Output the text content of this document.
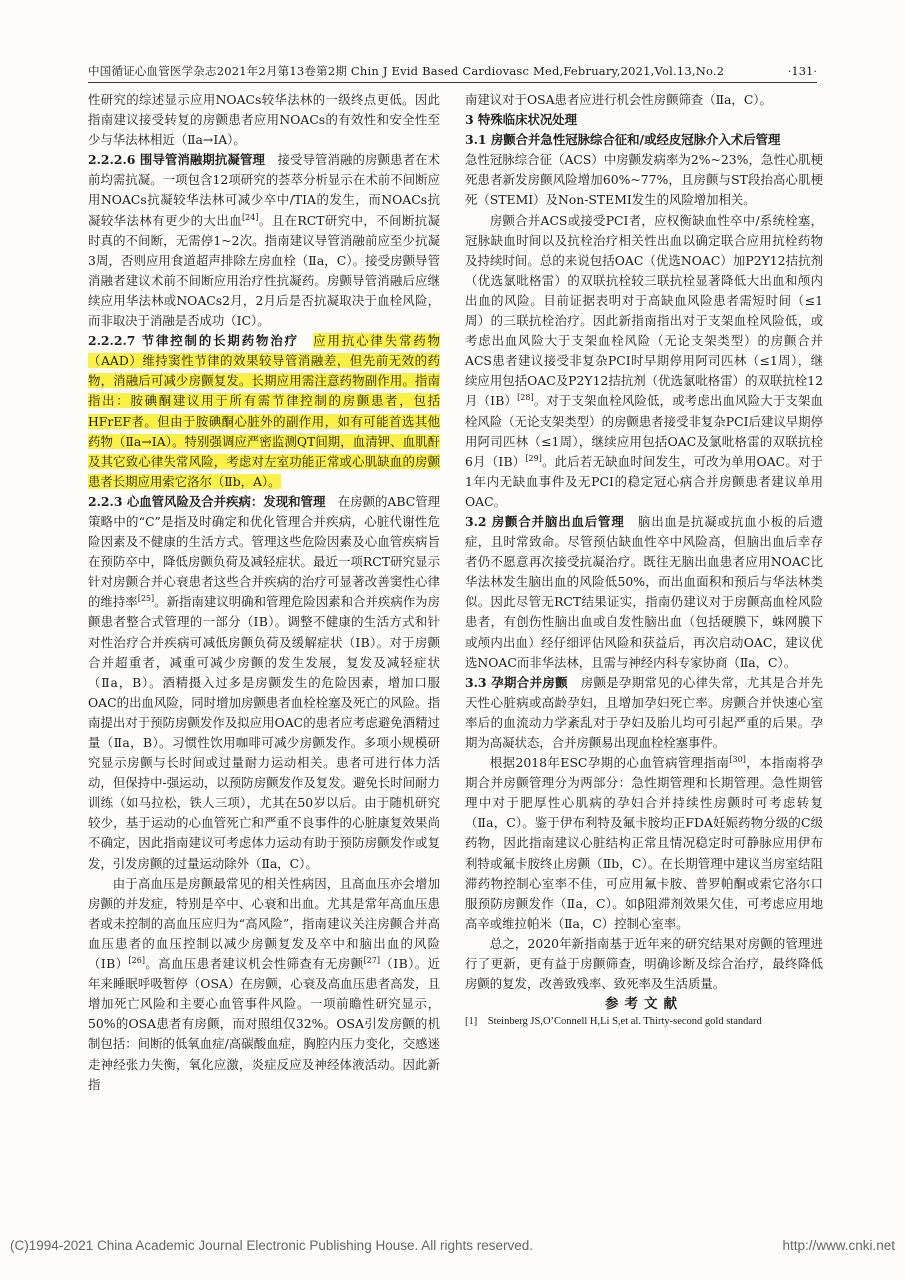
中国循证心血管医学杂志2021年2月第13卷第2期 Chin J Evid Based Cardiovasc Med,February,2021,Vol.13,No.2	·131·

性研究的综述显示应用NOACs较华法林的一级终点更低。因此指南建议接受转复的房颤患者应用NOACs的有效性和安全性至少与华法林相近（Ⅱa→ⅠA）。

2.2.2.6 围导管消融期抗凝管理　 接受导管消融的房颤患者在术前均需抗凝。一项包含12项研究的荟萃分析显示在术前不间断应用NOACs抗凝较华法林可减少卒中/TIA的发生，而NOACs抗凝较华法林有更少的大出血[24]。且在RCT研究中，不间断抗凝时真的不间断，无需停1~2次。指南建议导管消融前应至少抗凝3周，否则应用食道超声排除左房血栓（Ⅱa，C）。接受房颤导管消融者建议术前不间断应用治疗性抗凝药。房颤导管消融后应继续应用华法林或NOACs2月，2月后是否抗凝取决于血栓风险，而非取决于消融是否成功（ⅠC）。

2.2.2.7 节律控制的长期药物治疗　 应用抗心律失常药物（AAD）维持窦性节律的效果较导管消融差，但先前无效的药物，消融后可减少房颤复发。长期应用需注意药物副作用。指南指出：胺碘酮建议用于所有需节律控制的房颤患者，包括HFrEF者。但由于胺碘酮心脏外的副作用，如有可能首选其他药物（Ⅱa→ⅠA）。特别强调应严密监测QT间期，血清钾、血肌酐及其它致心律失常风险，考虑对左室功能正常或心肌缺血的房颤患者长期应用索它洛尔（Ⅱb，A）。

2.2.3 心血管风险及合并疾病：发现和管理　 在房颤的ABC管理策略中的“C”是指及时确定和优化管理合并疾病，心脏代谢性危险因素及不健康的生活方式。管理这些危险因素及心血管疾病旨在预防卒中，降低房颤负荷及减轻症状。最近一项RCT研究显示针对房颤合并心衰患者这些合并疾病的治疗可显著改善窦性心律的维持率[25]。新指南建议明确和管理危险因素和合并疾病作为房颤患者整合式管理的一部分（ⅠB）。调整不健康的生活方式和针对性治疗合并疾病可减低房颤负荷及缓解症状（ⅠB）。对于房颤合并超重者，减重可减少房颤的发生发展，复发及减轻症状（Ⅱa，B）。酒精摄入过多是房颤发生的危险因素，增加口服OAC的出血风险，同时增加房颤患者血栓栓塞及死亡的风险。指南提出对于预防房颤发作及拟应用OAC的患者应考虑避免酒精过量（Ⅱa，B）。习惯性饮用咖啡可减少房颤发作。多项小规模研究显示房颤与长时间或过量耐力运动相关。患者可进行体力活动，但保持中-强运动，以预防房颤发作及复发。避免长时间耐力训练（如马拉松，铁人三项），尤其在50岁以后。由于随机研究较少，基于运动的心血管死亡和严重不良事件的心脏康复效果尚不确定，因此指南建议可考虑体力运动有助于预防房颤发作或复发，引发房颤的过量运动除外（Ⅱa，C）。

由于高血压是房颤最常见的相关性病因，且高血压亦会增加房颤的并发症，特别是卒中、心衰和出血。尤其是常年高血压患者或未控制的高血压应归为“高风险”，指南建议关注房颤合并高血压患者的血压控制以减少房颤复发及卒中和脑出血的风险（ⅠB）[26]。高血压患者建议机会性筛查有无房颤[27]（ⅠB）。近年来睡眠呼吸暂停（OSA）在房颤，心衰及高血压患者高发，且增加死亡风险和主要心血管事件风险。一项前瞻性研究显示，50%的OSA患者有房颤，而对照组仅32%。OSA引发房颤的机制包括：间断的低氧血症/高碳酸血症，胸腔内压力变化，交感迷走神经张力失衡，氧化应激，炎症反应及神经体液活动。因此新指

南建议对于OSA患者应进行机会性房颤筛查（Ⅱa，C）。

3 特殊临床状况处理

3.1 房颤合并急性冠脉综合征和/或经皮冠脉介入术后管理

急性冠脉综合征（ACS）中房颤发病率为2%~23%，急性心肌梗死患者新发房颤风险增加60%~77%，且房颤与ST段抬高心肌梗死（STEMI）及Non-STEMI发生的风险增加相关。

房颤合并ACS或接受PCI者，应权衡缺血性卒中/系统栓塞，冠脉缺血时间以及抗栓治疗相关性出血以确定联合应用抗栓药物及持续时间。总的来说包括OAC（优选NOAC）加P2Y12拮抗剂（优选氯吡格雷）的双联抗栓较三联抗栓显著降低大出血和颅内出血的风险。目前证据表明对于高缺血风险患者需短时间（≤1周）的三联抗栓治疗。因此新指南指出对于支架血栓风险低，或考虑出血风险大于支架血栓风险（无论支架类型）的房颤合并ACS患者建议接受非复杂PCI时早期停用阿司匹林（≤1周），继续应用包括OAC及P2Y12拮抗剂（优选氯吡格雷）的双联抗栓12月（ⅠB）[28]。对于支架血栓风险低，或考虑出血风险大于支架血栓风险（无论支架类型）的房颤患者接受非复杂PCI后建议早期停用阿司匹林（≤1周），继续应用包括OAC及氯吡格雷的双联抗栓6月（ⅠB）[29]。此后若无缺血时间发生，可改为单用OAC。对于1年内无缺血事件及无PCI的稳定冠心病合并房颤患者建议单用OAC。

3.2 房颤合并脑出血后管理　 脑出血是抗凝或抗血小板的后遗症，且时常致命。尽管预估缺血性卒中风险高，但脑出血后幸存者仍不愿意再次接受抗凝治疗。既往无脑出血患者应用NOAC比华法林发生脑出血的风险低50%，而出血面积和预后与华法林类似。因此尽管无RCT结果证实，指南仍建议对于房颤高血栓风险患者，有创伤性脑出血或自发性脑出血（包括硬膜下，蛛网膜下或颅内出血）经仔细评估风险和获益后，再次启动OAC，建议优选NOAC而非华法林，且需与神经内科专家协商（Ⅱa，C）。

3.3 孕期合并房颤　 房颤是孕期常见的心律失常，尤其是合并先天性心脏病或高龄孕妇，且增加孕妇死亡率。房颤合并快速心室率后的血流动力学紊乱对于孕妇及胎儿均可引起严重的后果。孕期为高凝状态，合并房颤易出现血栓栓塞事件。

根据2018年ESC孕期的心血管病管理指南[30]，本指南将孕期合并房颤管理分为两部分：急性期管理和长期管理。急性期管理中对于肥厚性心肌病的孕妇合并持续性房颤时可考虑转复（Ⅱa，C）。鉴于伊布利特及氟卡胺均正FDA妊娠药物分级的C级药物，因此指南建议心脏结构正常且情况稳定时可静脉应用伊布利特或氟卡胺终止房颤（Ⅱb，C）。在长期管理中建议当房室结阻滞药物控制心室率不佳，可应用氟卡胺、普罗帕酮或索它洛尔口服预防房颤发作（Ⅱa，C）。如β阻滞剂效果欠佳，可考虑应用地高辛或维拉帕米（Ⅱa，C）控制心室率。

总之，2020年新指南基于近年来的研究结果对房颤的管理进行了更新，更有益于房颤筛查，明确诊断及综合治疗，最终降低房颤的复发，改善致残率、致死率及生活质量。

参考文献

[1]　Steinberg JS,O’Connell H,Li S,et al. Thirty-second gold standard

(C)1994-2021 China Academic Journal Electronic Publishing House. All rights reserved.	http://www.cnki.net
